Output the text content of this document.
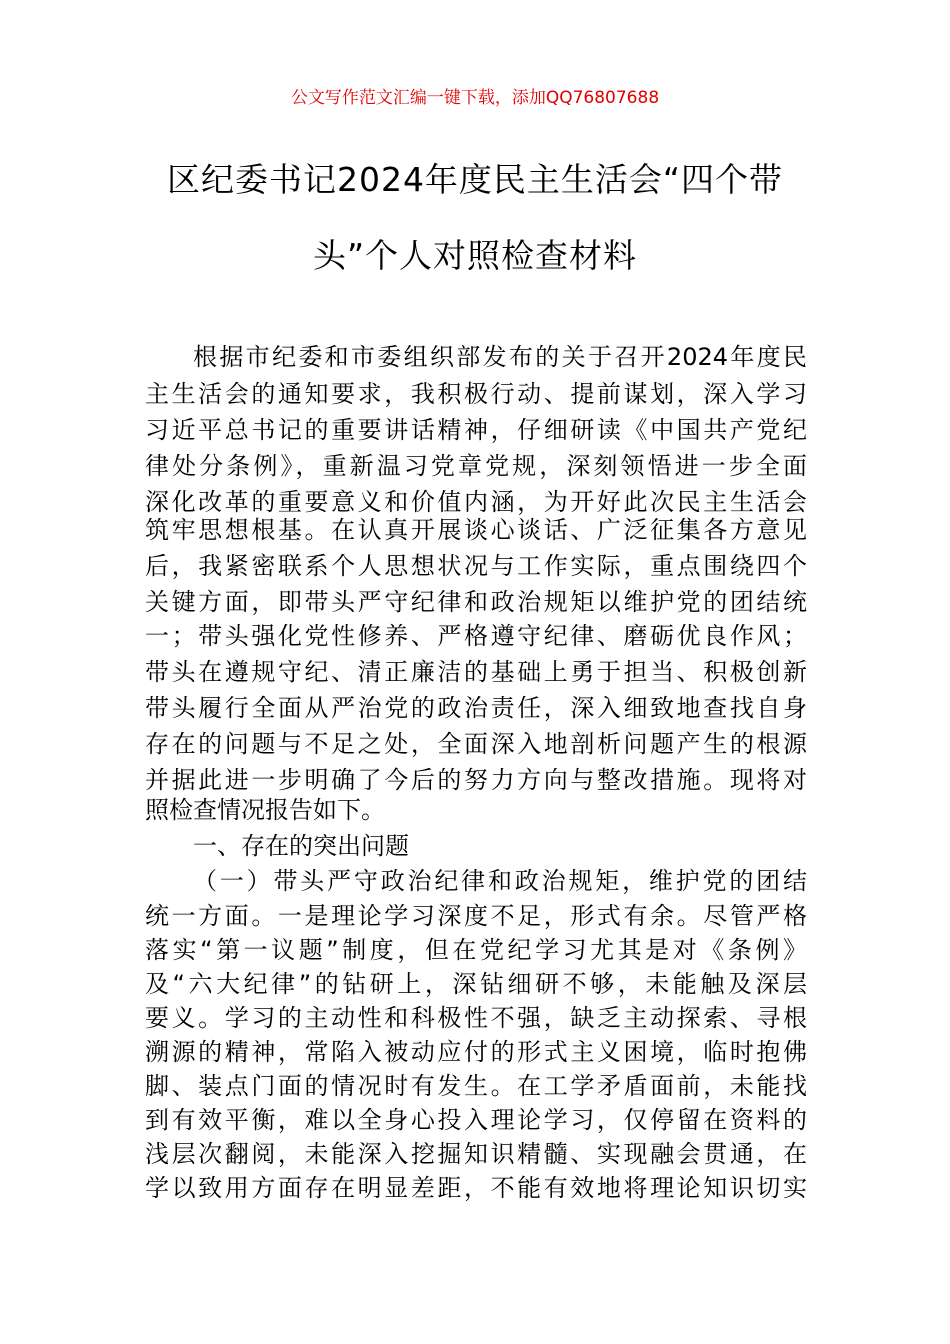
公文写作范文汇编一键下载，添加QQ76807688
区纪委书记2024年度民主生活会“四个带
头”个人对照检查材料
根据市纪委和市委组织部发布的关于召开2024年度民
主生活会的通知要求，我积极行动、提前谋划，深入学习
习近平总书记的重要讲话精神，仔细研读《中国共产党纪
律处分条例》，重新温习党章党规，深刻领悟进一步全面
深化改革的重要意义和价值内涵，为开好此次民主生活会
筑牢思想根基。在认真开展谈心谈话、广泛征集各方意见
后，我紧密联系个人思想状况与工作实际，重点围绕四个
关键方面，即带头严守纪律和政治规矩以维护党的团结统
一；带头强化党性修养、严格遵守纪律、磨砺优良作风；
带头在遵规守纪、清正廉洁的基础上勇于担当、积极创新
带头履行全面从严治党的政治责任，深入细致地查找自身
存在的问题与不足之处，全面深入地剖析问题产生的根源
并据此进一步明确了今后的努力方向与整改措施。现将对
照检查情况报告如下。
一、存在的突出问题
（一）带头严守政治纪律和政治规矩，维护党的团结
统一方面。一是理论学习深度不足，形式有余。尽管严格
落实“第一议题”制度，但在党纪学习尤其是对《条例》
及“六大纪律”的钻研上，深钻细研不够，未能触及深层
要义。学习的主动性和科极性不强，缺乏主动探索、寻根
溯源的精神，常陷入被动应付的形式主义困境，临时抱佛
脚、装点门面的情况时有发生。在工学矛盾面前，未能找
到有效平衡，难以全身心投入理论学习，仅停留在资料的
浅层次翻阅，未能深入挖掘知识精髓、实现融会贯通，在
学以致用方面存在明显差距，不能有效地将理论知识切实
